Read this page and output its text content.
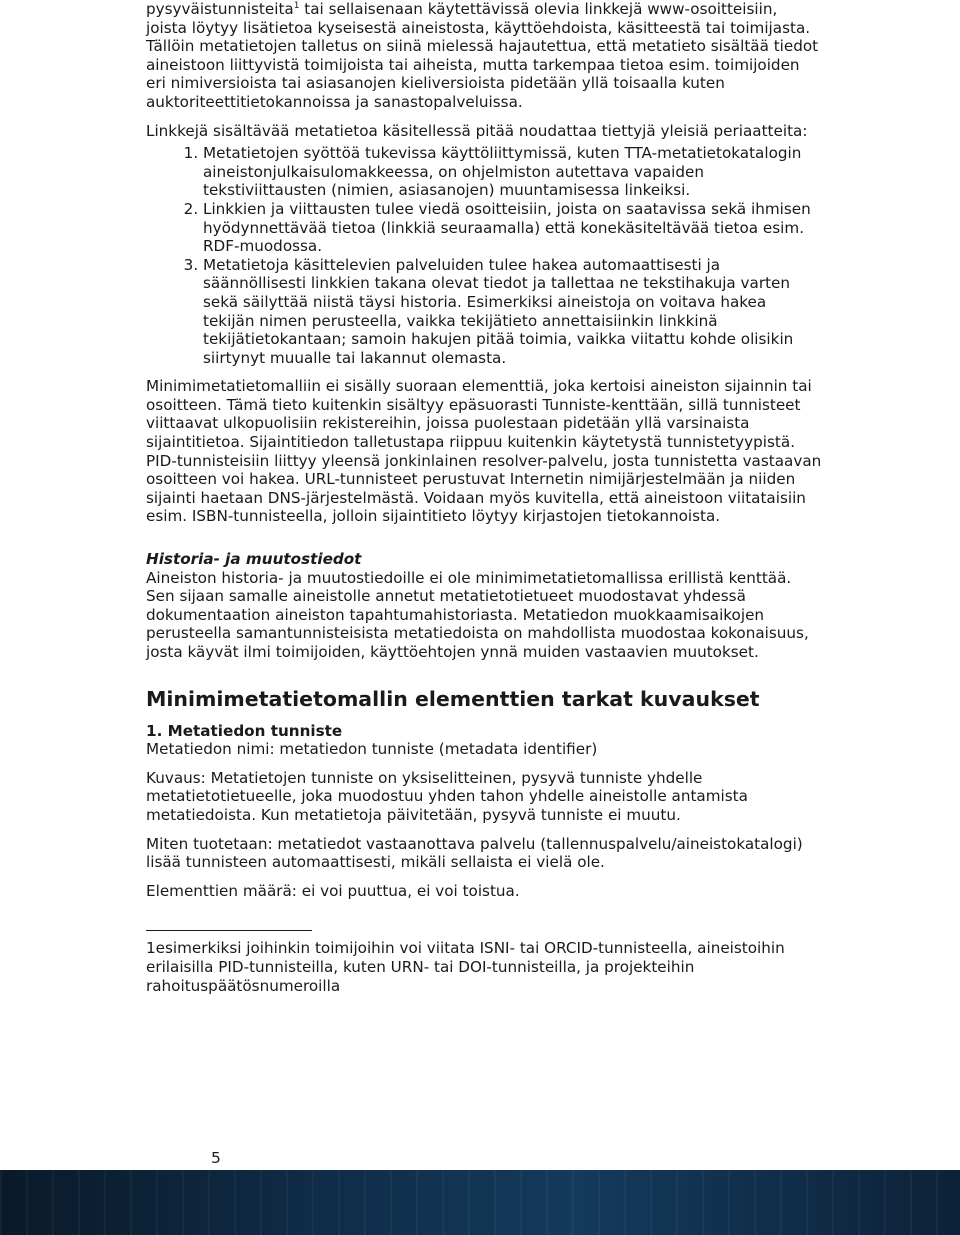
pysyväistunnisteita$^1$ tai sellaisenaan käytettävissä olevia linkkejä www-osoitteisiin, joista löytyy lisätietoa kyseisestä aineistosta, käyttöehdoista, käsitteestä tai toimijasta. Tällöin metatietojen talletus on siinä mielessä hajautettua, että metatieto sisältää tiedot aineistoon liittyvistä toimijoista tai aiheista, mutta tarkempaa tietoa esim. toimijoiden eri nimiversioista tai asiasanojen kieliversioista pidetään yllä toisaalla kuten auktoriteettitietokannoissa ja sanastopalveluissa.

Linkkejä sisältävää metatietoa käsitellessä pitää noudattaa tiettyjä yleisiä periaatteita:

1. Metatietojen syöttöä tukevissa käyttöliittymissä, kuten TTA-metatietokatalogin aineistonjulkaisulomakkeessa, on ohjelmiston autettava vapaiden tekstiviittausten (nimien, asiasanojen) muuntamisessa linkeiksi.
2. Linkkien ja viittausten tulee viedä osoitteisiin, joista on saatavissa sekä ihmisen hyödynnettävää tietoa (linkkiä seuraamalla) että konekäsiteltävää tietoa esim. RDF-muodossa.
3. Metatietoja käsittelevien palveluiden tulee hakea automaattisesti ja säännöllisesti linkkien takana olevat tiedot ja tallettaa ne tekstihakuja varten sekä säilyttää niistä täysi historia. Esimerkiksi aineistoja on voitava hakea tekijän nimen perusteella, vaikka tekijätieto annettaisiinkin linkkinä tekijätietokantaan; samoin hakujen pitää toimia, vaikka viitattu kohde olisikin siirtynyt muualle tai lakannut olemasta.

Minimimetatietomalliin ei sisälly suoraan elementtiä, joka kertoisi aineiston sijainnin tai osoitteen. Tämä tieto kuitenkin sisältyy epäsuorasti Tunniste-kenttään, sillä tunnisteet viittaavat ulkopuolisiin rekistereihin, joissa puolestaan pidetään yllä varsinaista sijaintitietoa. Sijaintitiedon talletustapa riippuu kuitenkin käytetystä tunnistetyypistä. PID-tunnisteisiin liittyy yleensä jonkinlainen resolver-palvelu, josta tunnistetta vastaavan osoitteen voi hakea. URL-tunnisteet perustuvat Internetin nimijärjestelmään ja niiden sijainti haetaan DNS-järjestelmästä. Voidaan myös kuvitella, että aineistoon viitataisiin esim. ISBN-tunnisteella, jolloin sijaintitieto löytyy kirjastojen tietokannoista.

Historia- ja muutostiedot

Aineiston historia- ja muutostiedoille ei ole minimimetatietomallissa erillistä kenttää. Sen sijaan samalle aineistolle annetut metatietotietueet muodostavat yhdessä dokumentaation aineiston tapahtumahistoriasta. Metatiedon muokkaamisaikojen perusteella samantunnisteisista metatiedoista on mahdollista muodostaa kokonaisuus, josta käyvät ilmi toimijoiden, käyttöehtojen ynnä muiden vastaavien muutokset.

Minimimetatietomallin elementtien tarkat kuvaukset

1. Metatiedon tunniste

Metatiedon nimi: metatiedon tunniste (metadata identifier)

Kuvaus: Metatietojen tunniste on yksiselitteinen, pysyvä tunniste yhdelle metatietotietueelle, joka muodostuu yhden tahon yhdelle aineistolle antamista metatiedoista. Kun metatietoja päivitetään, pysyvä tunniste ei muutu.

Miten tuotetaan: metatiedot vastaanottava palvelu (tallennuspalvelu/aineistokatalogi) lisää tunnisteen automaattisesti, mikäli sellaista ei vielä ole.

Elementtien määrä: ei voi puuttua, ei voi toistua.

1esimerkiksi joihinkin toimijoihin voi viitata ISNI- tai ORCID-tunnisteella, aineistoihin erilaisilla PID-tunnisteilla, kuten URN- tai DOI-tunnisteilla, ja projekteihin rahoituspäätösnumeroilla

5
